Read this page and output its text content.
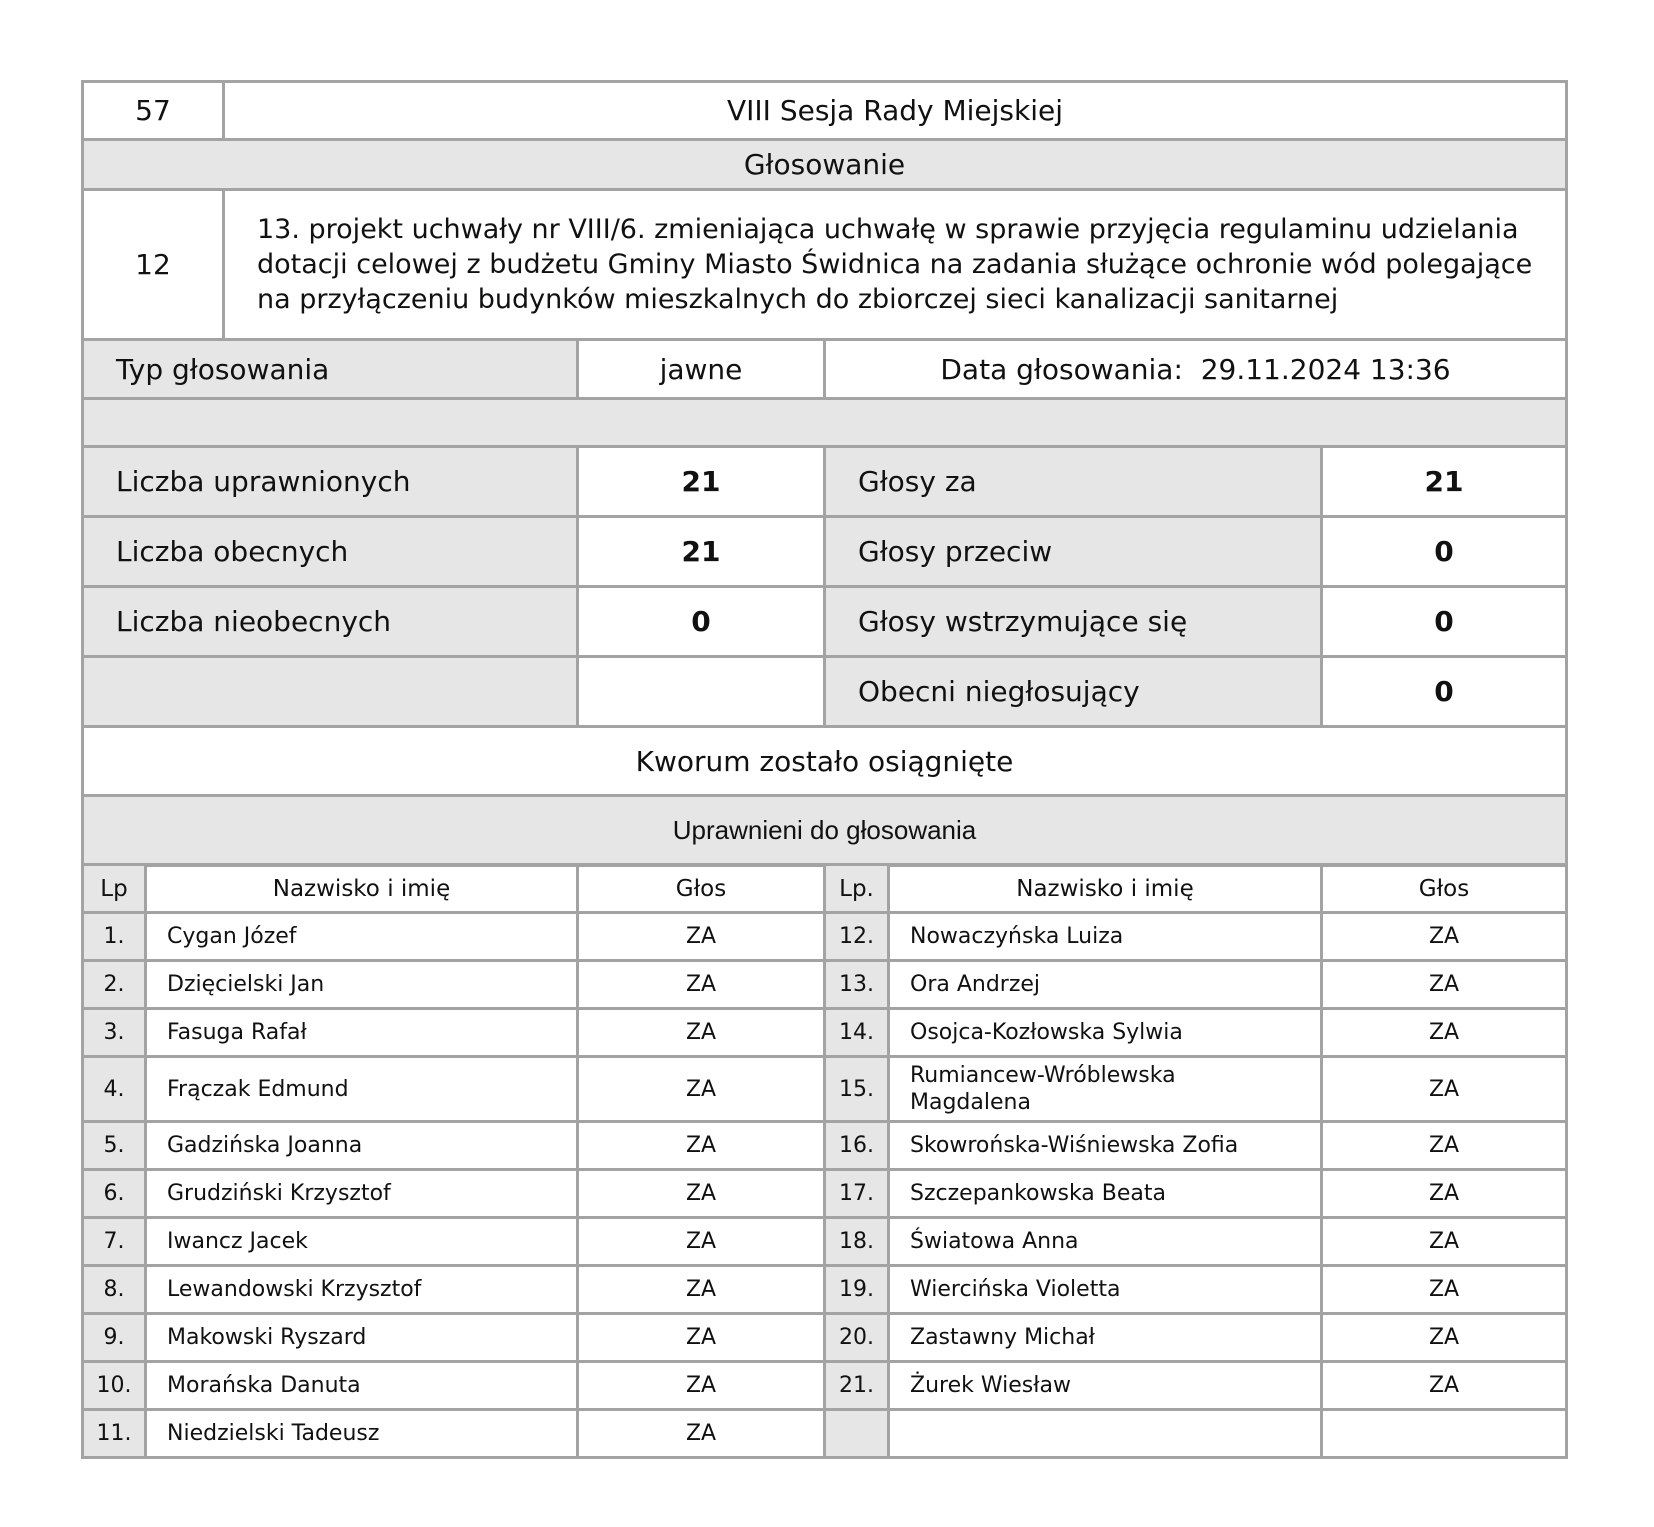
57	VIII Sesja Rady Miejskiej
Głosowanie	
12	13. projekt uchwały nr VIII/6. zmieniająca uchwałę w sprawie przyjęcia regulaminu udzielania dotacji celowej z budżetu Gminy Miasto Świdnica na zadania służące ochronie wód polegające na przyłączeniu budynków mieszkalnych do zbiorczej sieci kanalizacji sanitarnej
Typ głosowania	jawne	Data głosowania: 29.11.2024 13:36

Liczba uprawnionych	21	Głosy za	21
Liczba obecnych	21	Głosy przeciw	0
Liczba nieobecnych	0	Głosy wstrzymujące się	0
		Obecni niegłosujący	0
Kworum zostało osiągnięte			
Uprawnieni do głosowania			
Lp	Nazwisko i imię	Głos	Lp.	Nazwisko i imię	Głos
1.	Cygan Józef	ZA	12.	Nowaczyńska Luiza	ZA
2.	Dzięcielski Jan	ZA	13.	Ora Andrzej	ZA
3.	Fasuga Rafał	ZA	14.	Osojca-Kozłowska Sylwia	ZA
4.	Frączak Edmund	ZA	15.	Rumiancew-Wróblewska Magdalena	ZA
5.	Gadzińska Joanna	ZA	16.	Skowrońska-Wiśniewska Zofia	ZA
6.	Grudziński Krzysztof	ZA	17.	Szczepankowska Beata	ZA
7.	Iwancz Jacek	ZA	18.	Światowa Anna	ZA
8.	Lewandowski Krzysztof	ZA	19.	Wiercińska Violetta	ZA
9.	Makowski Ryszard	ZA	20.	Zastawny Michał	ZA
10.	Morańska Danuta	ZA	21.	Żurek Wiesław	ZA
11.	Niedzielski Tadeusz	ZA			
